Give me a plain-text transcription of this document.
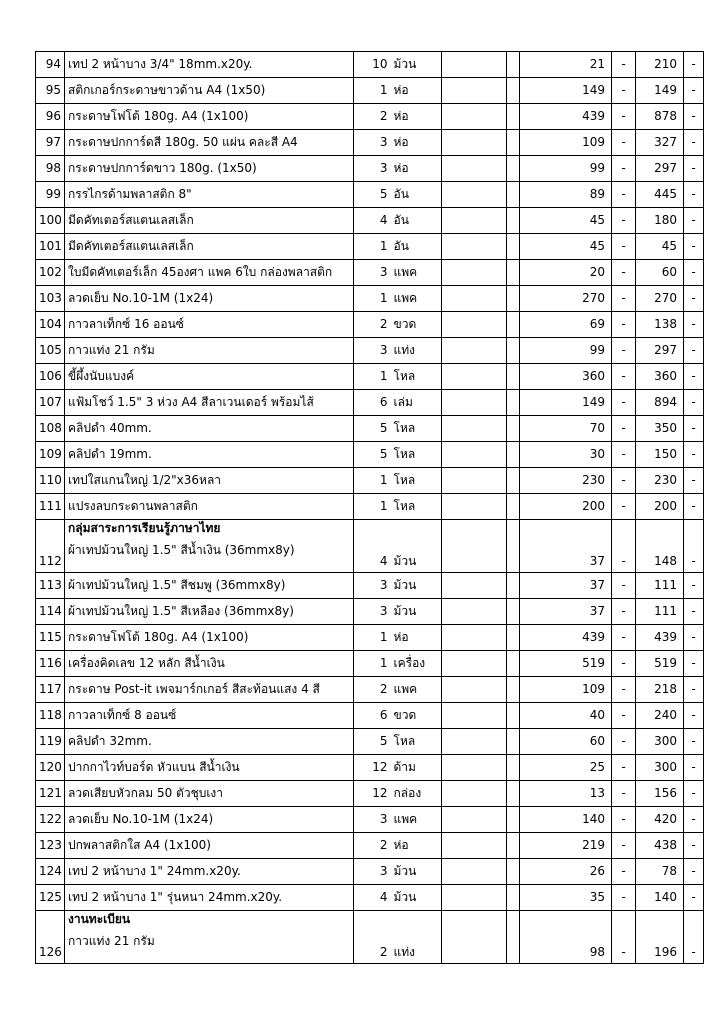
94	เทป 2 หน้าบาง 3/4" 18mm.x20y.	10	ม้วน			21	-	210	-
95	สติกเกอร์กระดาษขาวด้าน A4 (1x50)	1	ห่อ			149	-	149	-
96	กระดาษโฟโต้ 180g. A4 (1x100)	2	ห่อ			439	-	878	-
97	กระดาษปกการ์ดสี 180g. 50 แผ่น คละสี A4	3	ห่อ			109	-	327	-
98	กระดาษปกการ์ดขาว 180g. (1x50)	3	ห่อ			99	-	297	-
99	กรรไกรด้ามพลาสติก 8"	5	อัน			89	-	445	-
100	มีดคัทเตอร์สแตนเลสเล็ก	4	อัน			45	-	180	-
101	มีดคัทเตอร์สแตนเลสเล็ก	1	อัน			45	-	45	-
102	ใบมีดคัทเตอร์เล็ก 45องศา แพค 6ใบ กล่องพลาสติก	3	แพค			20	-	60	-
103	ลวดเย็บ No.10-1M (1x24)	1	แพค			270	-	270	-
104	กาวลาเท็กซ์ 16 ออนซ์	2	ขวด			69	-	138	-
105	กาวแท่ง 21 กรัม	3	แท่ง			99	-	297	-
106	ขี้ผึ้งนับแบงค์	1	โหล			360	-	360	-
107	แฟ้มโชว์ 1.5" 3 ห่วง A4 สีลาเวนเดอร์ พร้อมไส้	6	เล่ม			149	-	894	-
108	คลิปดำ 40mm.	5	โหล			70	-	350	-
109	คลิปดำ 19mm.	5	โหล			30	-	150	-
110	เทปใสแกนใหญ่ 1/2"x36หลา	1	โหล			230	-	230	-
111	แปรงลบกระดานพลาสติก	1	โหล			200	-	200	-
112	กลุ่มสาระการเรียนรู้ภาษาไทย
ผ้าเทปม้วนใหญ่ 1.5" สีน้ำเงิน (36mmx8y)	4	ม้วน			37	-	148	-
113	ผ้าเทปม้วนใหญ่ 1.5" สีชมพู (36mmx8y)	3	ม้วน			37	-	111	-
114	ผ้าเทปม้วนใหญ่ 1.5" สีเหลือง (36mmx8y)	3	ม้วน			37	-	111	-
115	กระดาษโฟโต้ 180g. A4 (1x100)	1	ห่อ			439	-	439	-
116	เครื่องคิดเลข 12 หลัก สีน้ำเงิน	1	เครื่อง			519	-	519	-
117	กระดาษ Post-it เพจมาร์กเกอร์ สีสะท้อนแสง 4 สี	2	แพค			109	-	218	-
118	กาวลาเท็กซ์ 8 ออนซ์	6	ขวด			40	-	240	-
119	คลิปดำ 32mm.	5	โหล			60	-	300	-
120	ปากกาไวท์บอร์ด หัวแบน สีน้ำเงิน	12	ด้าม			25	-	300	-
121	ลวดเสียบหัวกลม 50 ตัวชุบเงา	12	กล่อง			13	-	156	-
122	ลวดเย็บ No.10-1M (1x24)	3	แพค			140	-	420	-
123	ปกพลาสติกใส A4 (1x100)	2	ห่อ			219	-	438	-
124	เทป 2 หน้าบาง 1" 24mm.x20y.	3	ม้วน			26	-	78	-
125	เทป 2 หน้าบาง 1" รุ่นหนา 24mm.x20y.	4	ม้วน			35	-	140	-
126	งานทะเบียน
กาวแท่ง 21 กรัม	2	แท่ง			98	-	196	-
